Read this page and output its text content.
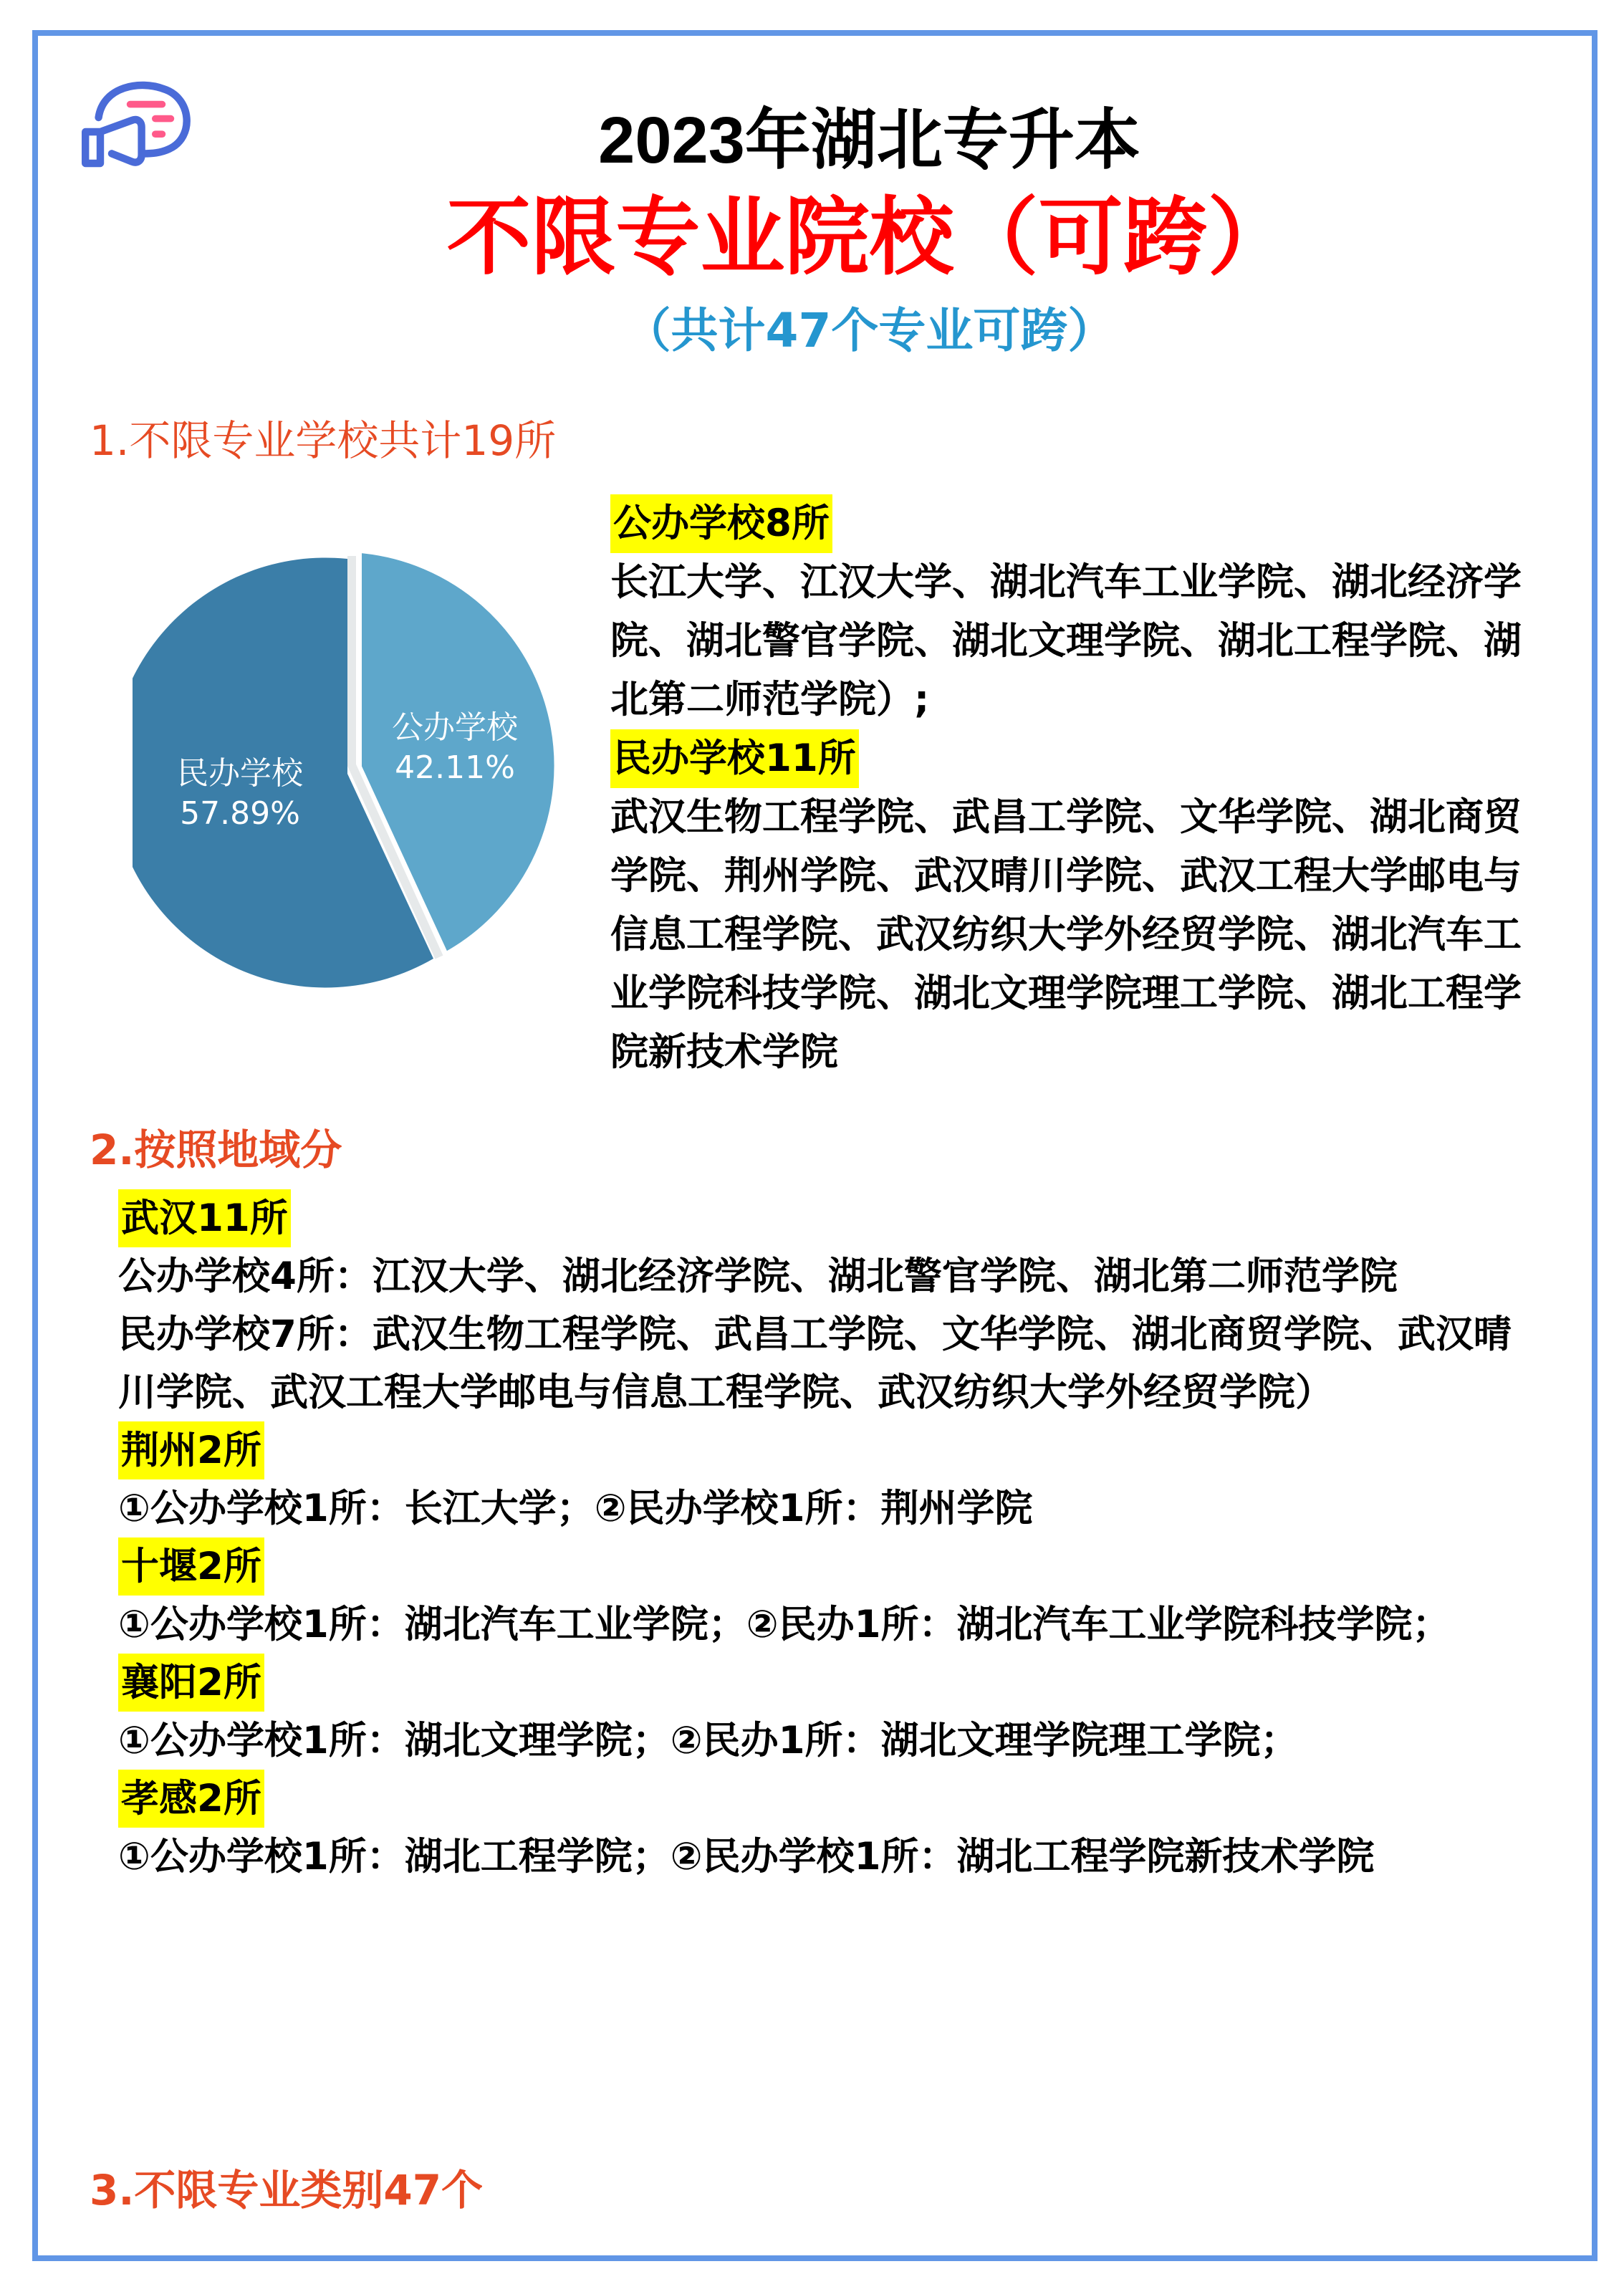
2023年湖北专升本
不限专业院校（可跨）
（共计47个专业可跨）
1.不限专业学校共计19所
公办学校
42.11%
民办学校
57.89%
公办学校8所

长江大学、江汉大学、湖北汽车工业学院、湖北经济学院、湖北警官学院、湖北文理学院、湖北工程学院、湖北第二师范学院）;

民办学校11所

武汉生物工程学院、武昌工学院、文华学院、湖北商贸学院、荆州学院、武汉晴川学院、武汉工程大学邮电与信息工程学院、武汉纺织大学外经贸学院、湖北汽车工业学院科技学院、湖北文理学院理工学院、湖北工程学院新技术学院

2.按照地域分
武汉11所

公办学校4所：江汉大学、湖北经济学院、湖北警官学院、湖北第二师范学院

民办学校7所：武汉生物工程学院、武昌工学院、文华学院、湖北商贸学院、武汉晴川学院、武汉工程大学邮电与信息工程学院、武汉纺织大学外经贸学院）

荆州2所

①公办学校1所：长江大学；②民办学校1所：荆州学院

十堰2所

①公办学校1所：湖北汽车工业学院；②民办1所：湖北汽车工业学院科技学院；

襄阳2所

①公办学校1所：湖北文理学院；②民办1所：湖北文理学院理工学院；

孝感2所

①公办学校1所：湖北工程学院；②民办学校1所：湖北工程学院新技术学院

3.不限专业类别47个
